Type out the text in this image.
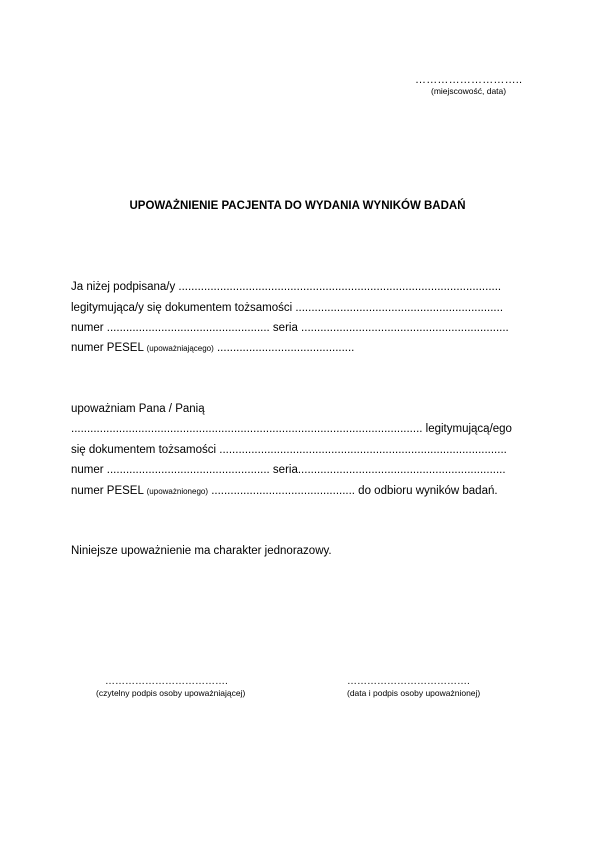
………………………..
(miejscowość, data)
UPOWAŻNIENIE PACJENTA DO WYDANIA WYNIKÓW BADAŃ
Ja niżej podpisana/y .....................................................................................................
legitymująca/y się dokumentem tożsamości .................................................................
numer ................................................... seria .................................................................
numer PESEL (upoważniającego) ...........................................
upoważniam Pana / Panią
.............................................................................................................. legitymującą/ego
się dokumentem tożsamości ..........................................................................................
numer ................................................... seria.................................................................
numer PESEL (upoważnionego) ............................................. do odbioru wyników badań.
Niniejsze upoważnienie ma charakter jednorazowy.
……………………………….
(czytelny podpis osoby upoważniającej)
……………………………….
(data i podpis osoby upoważnionej)
